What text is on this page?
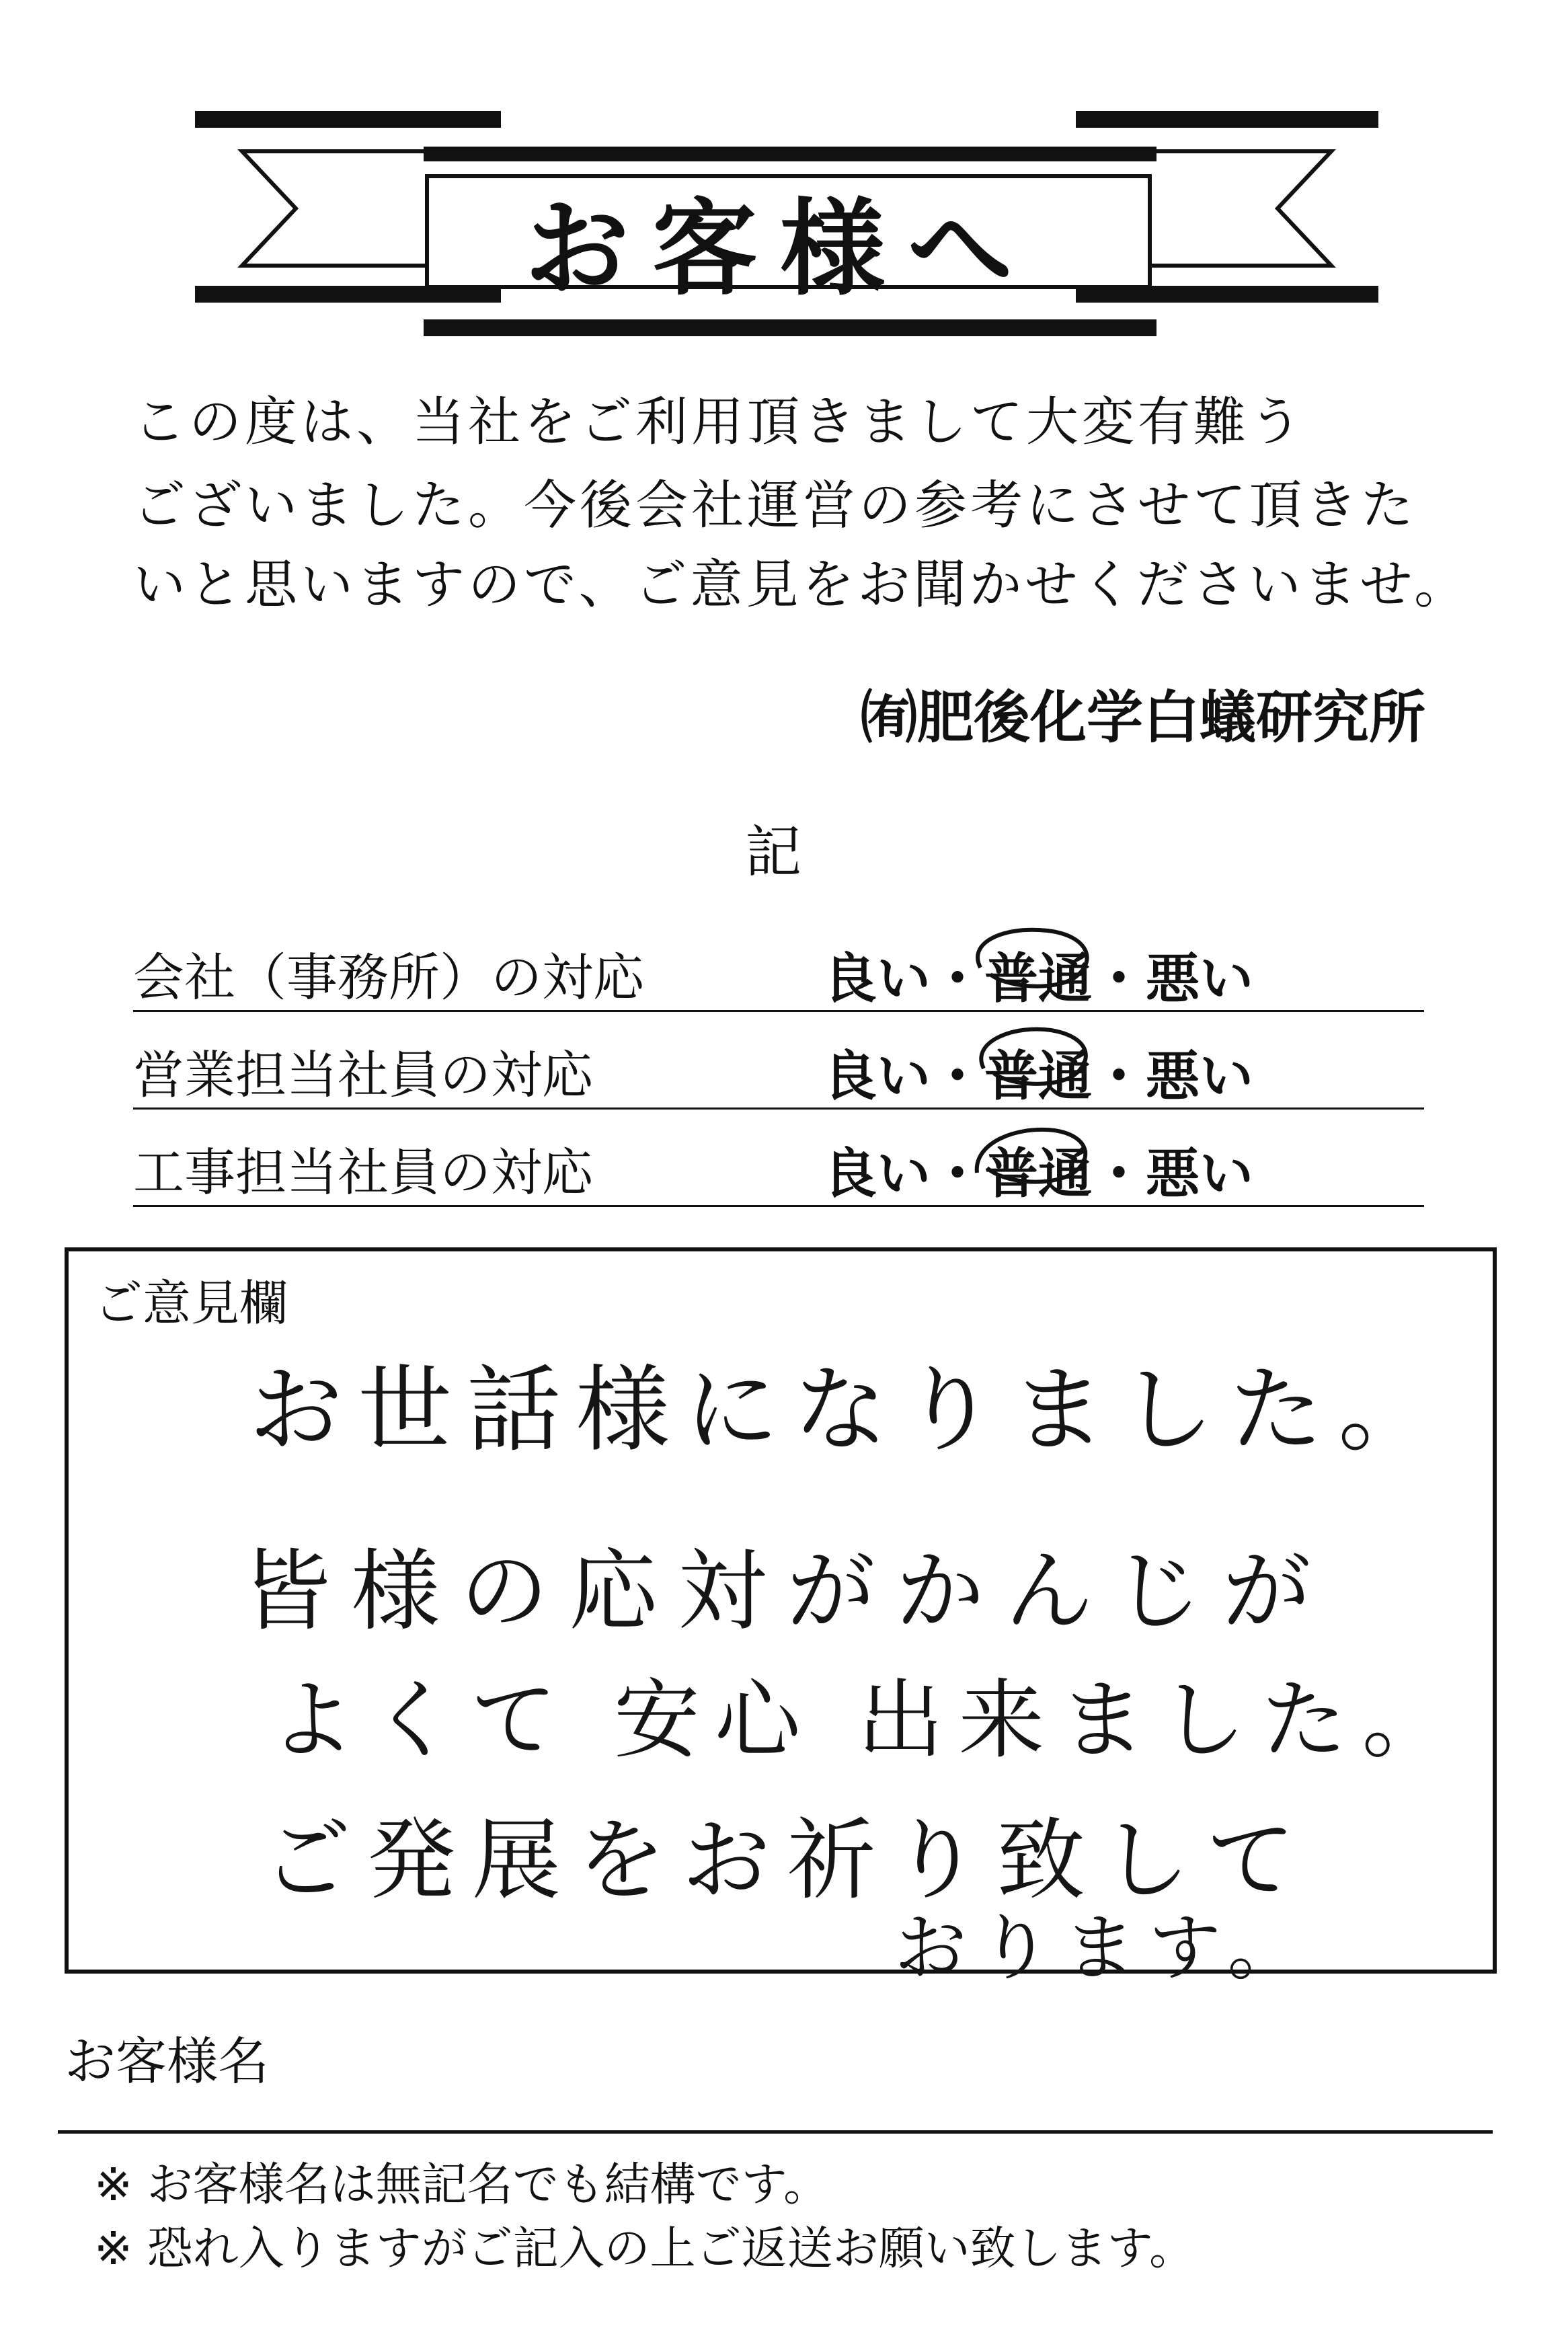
お客様へ
この度は、当社をご利用頂きまして大変有難う
ございました。今後会社運営の参考にさせて頂きた
いと思いますので、ご意見をお聞かせくださいませ。
㈲肥後化学白蟻研究所
記
会社（事務所）の対応	良い・普通・悪い
営業担当社員の対応	良い・普通・悪い
工事担当社員の対応	良い・普通・悪い
ご意見欄
お世話様になりました。
皆様の応対がかんじが
よくて 安心 出来ました。
ご発展をお祈り致して
おります。
お客様名
※ お客様名は無記名でも結構です。
※ 恐れ入りますがご記入の上ご返送お願い致します。
